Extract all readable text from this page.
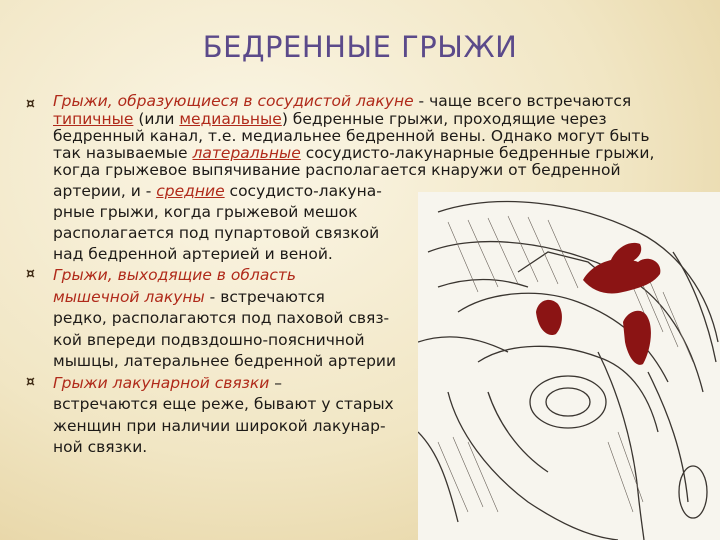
БЕДРЕННЫЕ ГРЫЖИ
¤
¤
¤
Грыжи, образующиеся в сосудистой лакуне - чаще всего встречаются
типичные (или медиальные) бедренные грыжи, проходящие через
бедренный канал, т.е. медиальнее бедренной вены. Однако могут быть
так называемые латеральные сосудисто-лакунарные бедренные грыжи,
когда грыжевое выпячивание располагается кнаружи от бедренной
артерии, и - средние сосудисто-лакуна-
рные грыжи, когда грыжевой мешок
располагается под пупартовой связкой
над бедренной артерией и веной.
Грыжи, выходящие в область
мышечной лакуны - встречаются
редко, располагаются под паховой связ-
кой впереди подвздошно-поясничной
мышцы, латеральнее бедренной артерии
Грыжи лакунарной связки –
встречаются еще реже, бывают у старых
женщин при наличии широкой лакунар-
ной связки.
